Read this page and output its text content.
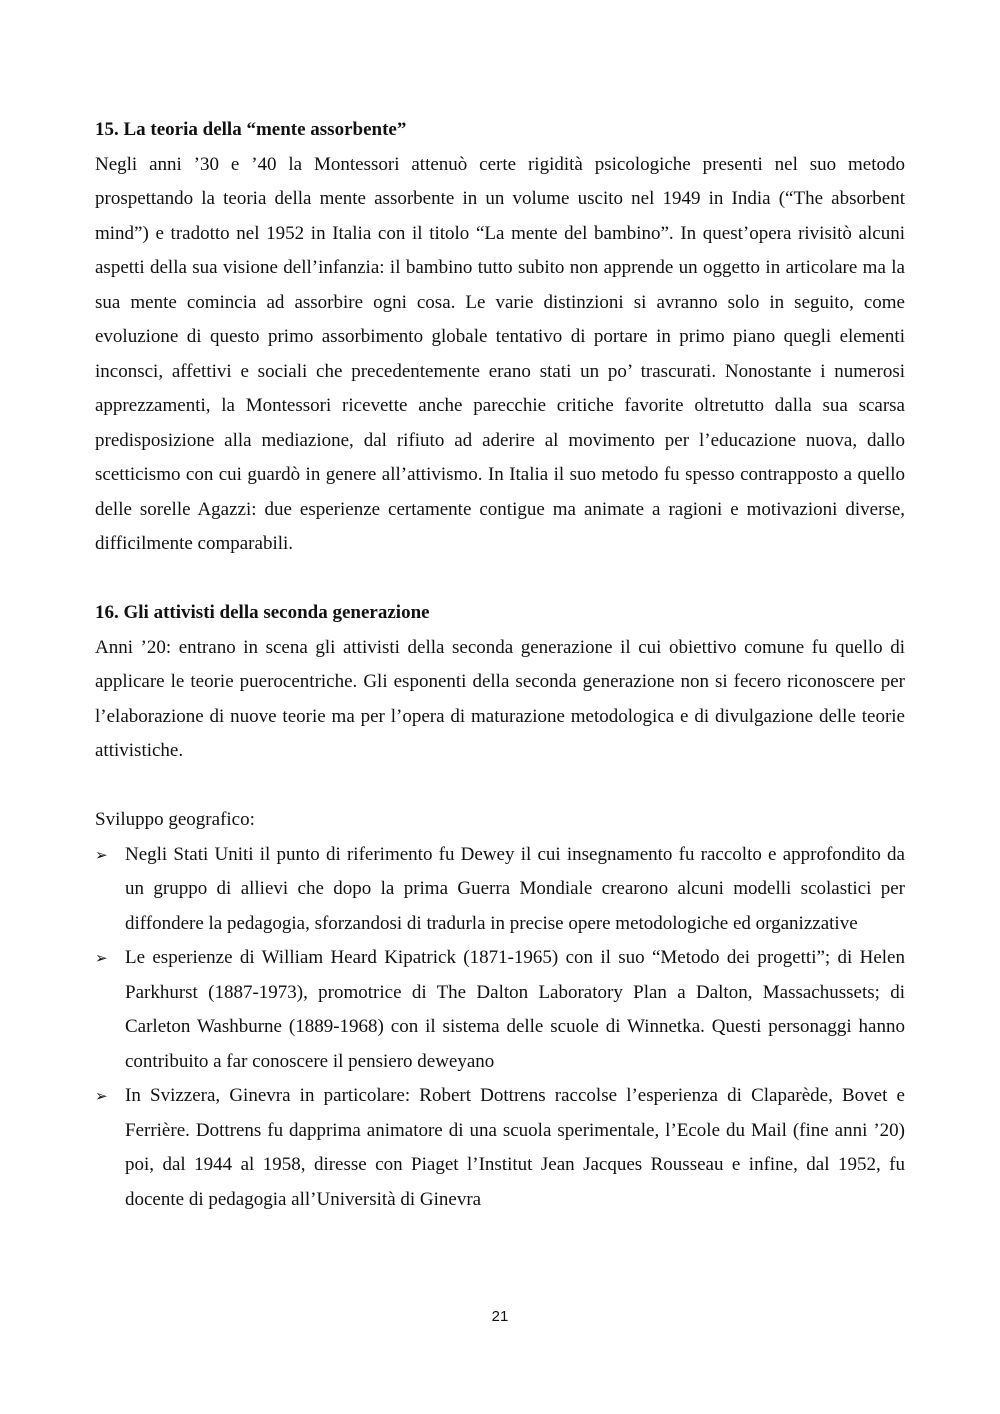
15. La teoria della “mente assorbente”

Negli anni ’30 e ’40 la Montessori attenuò certe rigidità psicologiche presenti nel suo metodo prospettando la teoria della mente assorbente in un volume uscito nel 1949 in India (“The absorbent mind”) e tradotto nel 1952 in Italia con il titolo “La mente del bambino”. In quest’opera rivisitò alcuni aspetti della sua visione dell’infanzia: il bambino tutto subito non apprende un oggetto in articolare ma la sua mente comincia ad assorbire ogni cosa. Le varie distinzioni si avranno solo in seguito, come evoluzione di questo primo assorbimento globale tentativo di portare in primo piano quegli elementi inconsci, affettivi e sociali che precedentemente erano stati un po’ trascurati. Nonostante i numerosi apprezzamenti, la Montessori ricevette anche parecchie critiche favorite oltretutto dalla sua scarsa predisposizione alla mediazione, dal rifiuto ad aderire al movimento per l’educazione nuova, dallo scetticismo con cui guardò in genere all’attivismo. In Italia il suo metodo fu spesso contrapposto a quello delle sorelle Agazzi: due esperienze certamente contigue ma animate a ragioni e motivazioni diverse, difficilmente comparabili.

16. Gli attivisti della seconda generazione

Anni ’20: entrano in scena gli attivisti della seconda generazione il cui obiettivo comune fu quello di applicare le teorie puerocentriche. Gli esponenti della seconda generazione non si fecero riconoscere per l’elaborazione di nuove teorie ma per l’opera di maturazione metodologica e di divulgazione delle teorie attivistiche.

Sviluppo geografico:

➢ Negli Stati Uniti il punto di riferimento fu Dewey il cui insegnamento fu raccolto e approfondito da un gruppo di allievi che dopo la prima Guerra Mondiale crearono alcuni modelli scolastici per diffondere la pedagogia, sforzandosi di tradurla in precise opere metodologiche ed organizzative
➢ Le esperienze di William Heard Kipatrick (1871-1965) con il suo “Metodo dei progetti”; di Helen Parkhurst (1887-1973), promotrice di The Dalton Laboratory Plan a Dalton, Massachussets; di Carleton Washburne (1889-1968) con il sistema delle scuole di Winnetka. Questi personaggi hanno contribuito a far conoscere il pensiero deweyano
➢ In Svizzera, Ginevra in particolare: Robert Dottrens raccolse l’esperienza di Claparède, Bovet e Ferrière. Dottrens fu dapprima animatore di una scuola sperimentale, l’Ecole du Mail (fine anni ’20) poi, dal 1944 al 1958, diresse con Piaget l’Institut Jean Jacques Rousseau e infine, dal 1952, fu docente di pedagogia all’Università di Ginevra
21
